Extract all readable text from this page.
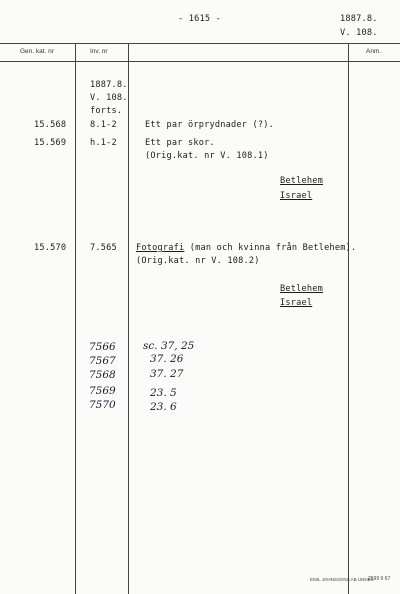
- 1615 -	1887.8.
V. 108.
Gen. kat. nr	Inv. nr	Anm.
1887.8.
V. 108.
forts.
15.568	8.1-2	Ett par örprydnader (?).
15.569	h.1-2	Ett par skor.
(Orig.kat. nr V. 108.1)
Betlehem
Israel
15.570	7.565 Fotografi (man och kvinna från Betlehem).
(Orig.kat. nr V. 108.2)
Betlehem
Israel
7566	sc. 37, 25
7567	37. 26
7568	37. 27
7569	23. 5
7570	23. 6
EMIL JOHNSSONS AB UNNEX
2599 9 67
